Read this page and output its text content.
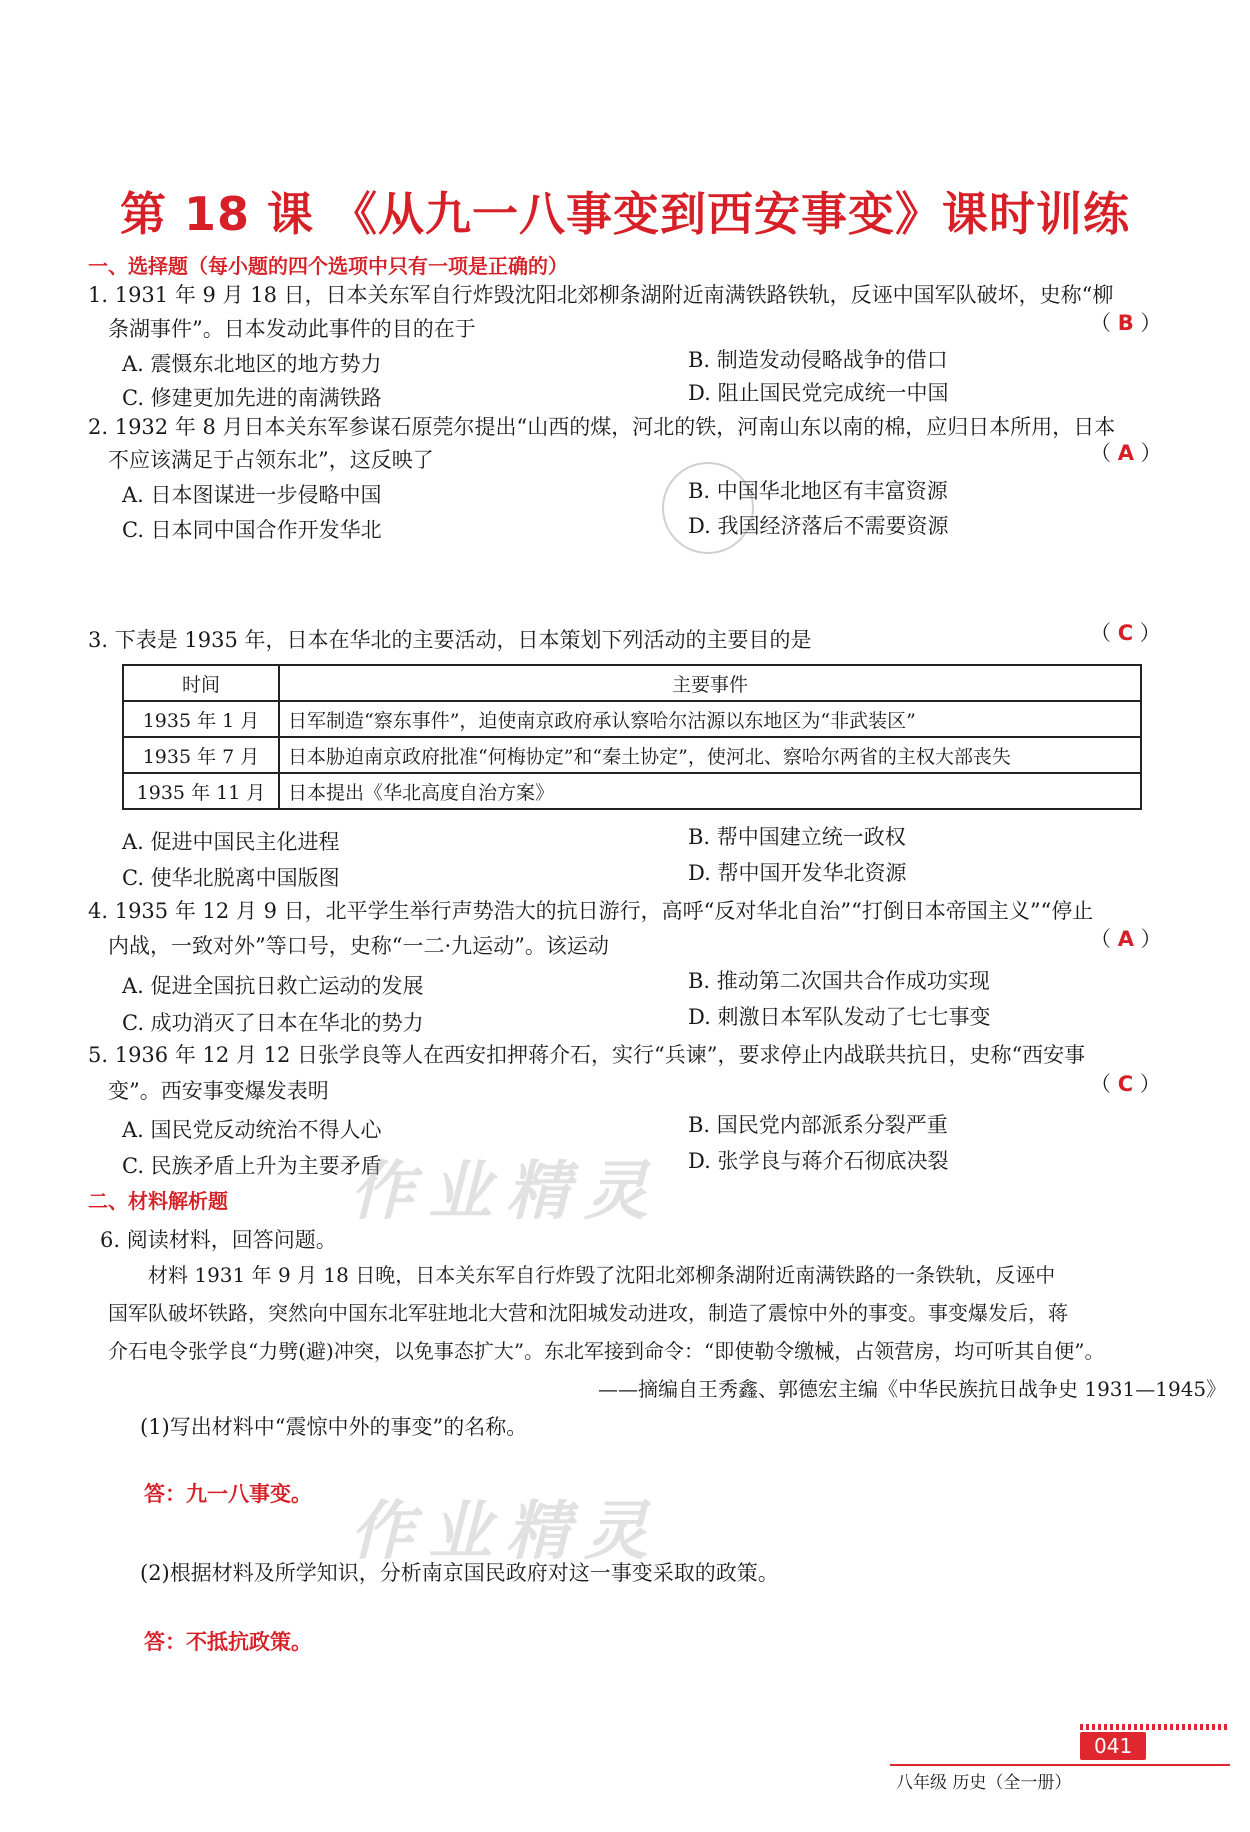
第 18 课 《从九一八事变到西安事变》课时训练
一、选择题（每小题的四个选项中只有一项是正确的）
1. 1931 年 9 月 18 日，日本关东军自行炸毁沈阳北郊柳条湖附近南满铁路铁轨，反诬中国军队破坏，史称“柳
条湖事件”。日本发动此事件的目的在于	（ B ）
A. 震慑东北地区的地方势力	B. 制造发动侵略战争的借口
C. 修建更加先进的南满铁路	D. 阻止国民党完成统一中国
2. 1932 年 8 月日本关东军参谋石原莞尔提出“山西的煤，河北的铁，河南山东以南的棉，应归日本所用，日本
不应该满足于占领东北”，这反映了	（ A ）
A. 日本图谋进一步侵略中国	B. 中国华北地区有丰富资源
C. 日本同中国合作开发华北	D. 我国经济落后不需要资源
3. 下表是 1935 年，日本在华北的主要活动，日本策划下列活动的主要目的是	（ C ）
时间	主要事件
1935 年 1 月	日军制造“察东事件”，迫使南京政府承认察哈尔沽源以东地区为“非武装区”
1935 年 7 月	日本胁迫南京政府批准“何梅协定”和“秦土协定”，使河北、察哈尔两省的主权大部丧失
1935 年 11 月	日本提出《华北高度自治方案》
A. 促进中国民主化进程	B. 帮中国建立统一政权
C. 使华北脱离中国版图	D. 帮中国开发华北资源
4. 1935 年 12 月 9 日，北平学生举行声势浩大的抗日游行，高呼“反对华北自治”“打倒日本帝国主义”“停止
内战，一致对外”等口号，史称“一二·九运动”。该运动	（ A ）
A. 促进全国抗日救亡运动的发展	B. 推动第二次国共合作成功实现
C. 成功消灭了日本在华北的势力	D. 刺激日本军队发动了七七事变
5. 1936 年 12 月 12 日张学良等人在西安扣押蒋介石，实行“兵谏”，要求停止内战联共抗日，史称“西安事
变”。西安事变爆发表明	（ C ）
A. 国民党反动统治不得人心	B. 国民党内部派系分裂严重
C. 民族矛盾上升为主要矛盾	D. 张学良与蒋介石彻底决裂
二、材料解析题
6. 阅读材料，回答问题。
材料 1931 年 9 月 18 日晚，日本关东军自行炸毁了沈阳北郊柳条湖附近南满铁路的一条铁轨，反诬中
国军队破坏铁路，突然向中国东北军驻地北大营和沈阳城发动进攻，制造了震惊中外的事变。事变爆发后，蒋
介石电令张学良“力劈(避)冲突，以免事态扩大”。东北军接到命令：“即使勒令缴械，占领营房，均可听其自便”。
——摘编自王秀鑫、郭德宏主编《中华民族抗日战争史 1931—1945》
(1)写出材料中“震惊中外的事变”的名称。
答：九一八事变。
(2)根据材料及所学知识，分析南京国民政府对这一事变采取的政策。
答：不抵抗政策。
作业精灵
作业精灵
041
八年级 历史（全一册）
